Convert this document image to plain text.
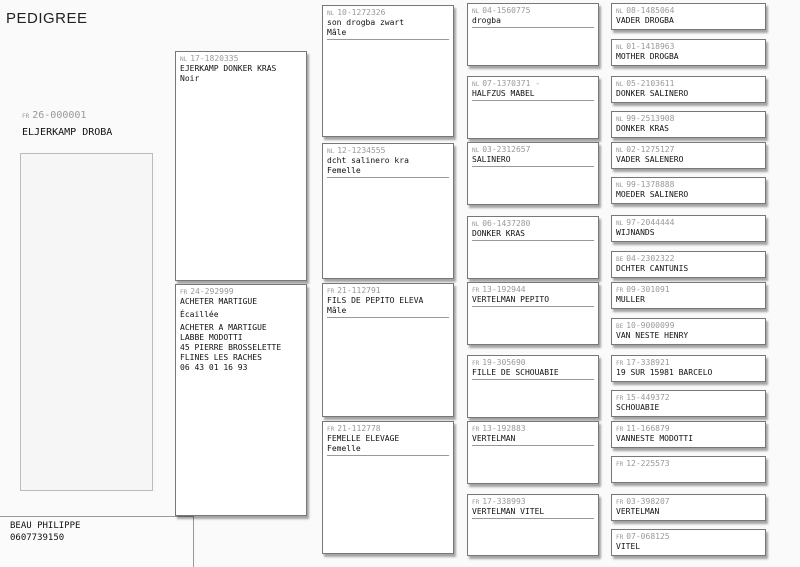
PEDIGREE
FR 26-000001
ELJERKAMP DROBA
BEAU PHILIPPE
0607739150
NL 17-1820335
EJERKAMP DONKER KRAS
Noir
FR 24-292999
ACHETER MARTIGUE
Écaillée
ACHETER A MARTIGUE
LABBE MODOTTI
45 PIERRE BROSSELETTE
FLINES LES RACHES
06 43 01 16 93
NL 10-1272326
son drogba zwart
Mâle
NL 12-1234555
dcht salinero kra
Femelle
FR 21-112791
FILS DE PEPITO ELEVA
Mâle
FR 21-112778
FEMELLE ELEVAGE
Femelle
NL 04-1560775
drogba
NL 07-1370371 -
HALFZUS MABEL
NL 03-2312657
SALINERO
NL 06-1437280
DONKER KRAS
FR 13-192944
VERTELMAN PEPITO
FR 19-305690
FILLE DE SCHOUABIE
FR 13-192883
VERTELMAN
FR 17-338993
VERTELMAN VITEL
NL 08-1485064
VADER DROGBA
NL 01-1418963
MOTHER DROGBA
NL 05-2103611
DONKER SALINERO
NL 99-2513908
DONKER KRAS
NL 02-1275127
VADER SALENERO
NL 99-1378888
MOEDER SALINERO
NL 97-2044444
WIJNANDS
BE 04-2302322
DCHTER CANTUNIS
FR 09-301091
MULLER
BE 10-9000099
VAN NESTE HENRY
FR 17-338921
19 SUR 15981 BARCELO
FR 15-449372
SCHOUABIE
FR 11-166879
VANNESTE MODOTTI
FR 12-225573
FR 03-398207
VERTELMAN
FR 07-068125
VITEL
